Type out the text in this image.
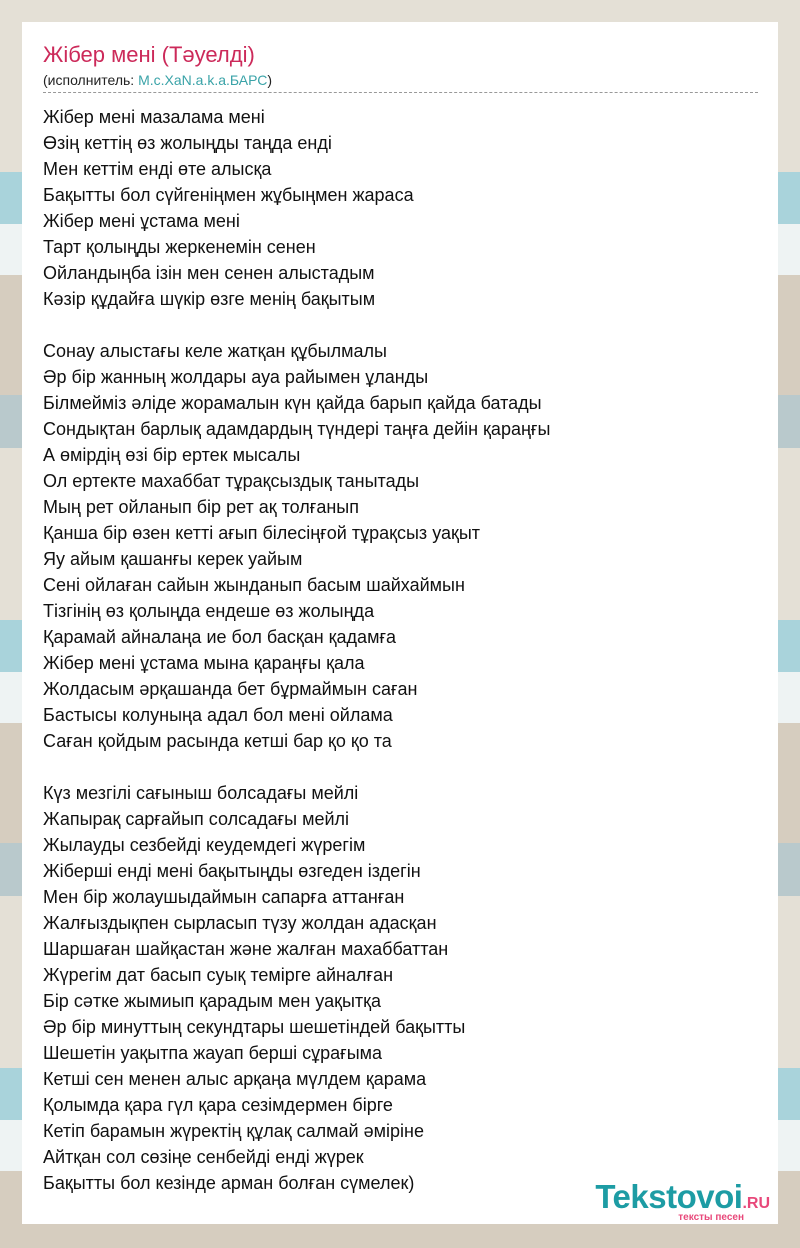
Жібер мені (Тәуелді)
(исполнитель: M.c.XaN.a.k.a.БАРС)
Жібер мені мазалама мені
Өзің кеттің өз жолыңды таңда енді
Мен кеттім енді өте алысқа
Бақытты бол сүйгеніңмен жұбыңмен жараса
Жібер мені ұстама мені
Тарт қолыңды жеркенемін сенен
Ойландыңба ізін мен сенен алыстадым
Кәзір құдайға шүкір өзге менің бақытым
Сонау алыстағы келе жатқан құбылмалы
Әр бір жанның жолдары ауа райымен ұланды
Білмейміз әліде жорамалын күн қайда барып қайда батады
Сондықтан барлық адамдардың түндері таңға дейін қараңғы
А өмірдің өзі бір ертек мысалы
Ол ертекте махаббат тұрақсыздық танытады
Мың рет ойланып бір рет ақ толғанып
Қанша бір өзен кетті ағып білесіңғой тұрақсыз уақыт
Яу айым қашанғы керек уайым
Сені ойлаған сайын жынданып басым шайхаймын
Тізгінің өз қолыңда ендеше өз жолыңда
Қарамай айналаңа ие бол басқан қадамға
Жібер мені ұстама мына қараңғы қала
Жолдасым әрқашанда бет бұрмаймын саған
Бастысы колуныңа адал бол мені ойлама
Саған қойдым расында кетші бар қо қо та
Күз мезгілі сағыныш болсадағы мейлі
Жапырақ сарғайып солсадағы мейлі
Жылауды сезбейді кеудемдегі жүрегім
Жіберші енді мені бақытыңды өзгеден іздегін
Мен бір жолаушыдаймын сапарға аттанған
Жалғыздықпен сырласып түзу жолдан адасқан
Шаршаған шайқастан және жалған махаббаттан
Жүрегім дат басып суық темірге айналған
Бір сәтке жымиып қарадым мен уақытқа
Әр бір минуттың секундтары шешетіндей бақытты
Шешетін уақытпа жауап берші сұрағыма
Кетші сен менен алыс арқаңа мүлдем қарама
Қолымда қара гүл қара сезімдермен бірге
Кетіп барамын жүректің құлақ салмай әміріне
Айтқан сол сөзіңе сенбейді енді жүрек
Бақытты бол кезінде арман болған сүмелек)	Tekstovoi.RU
тексты песен
